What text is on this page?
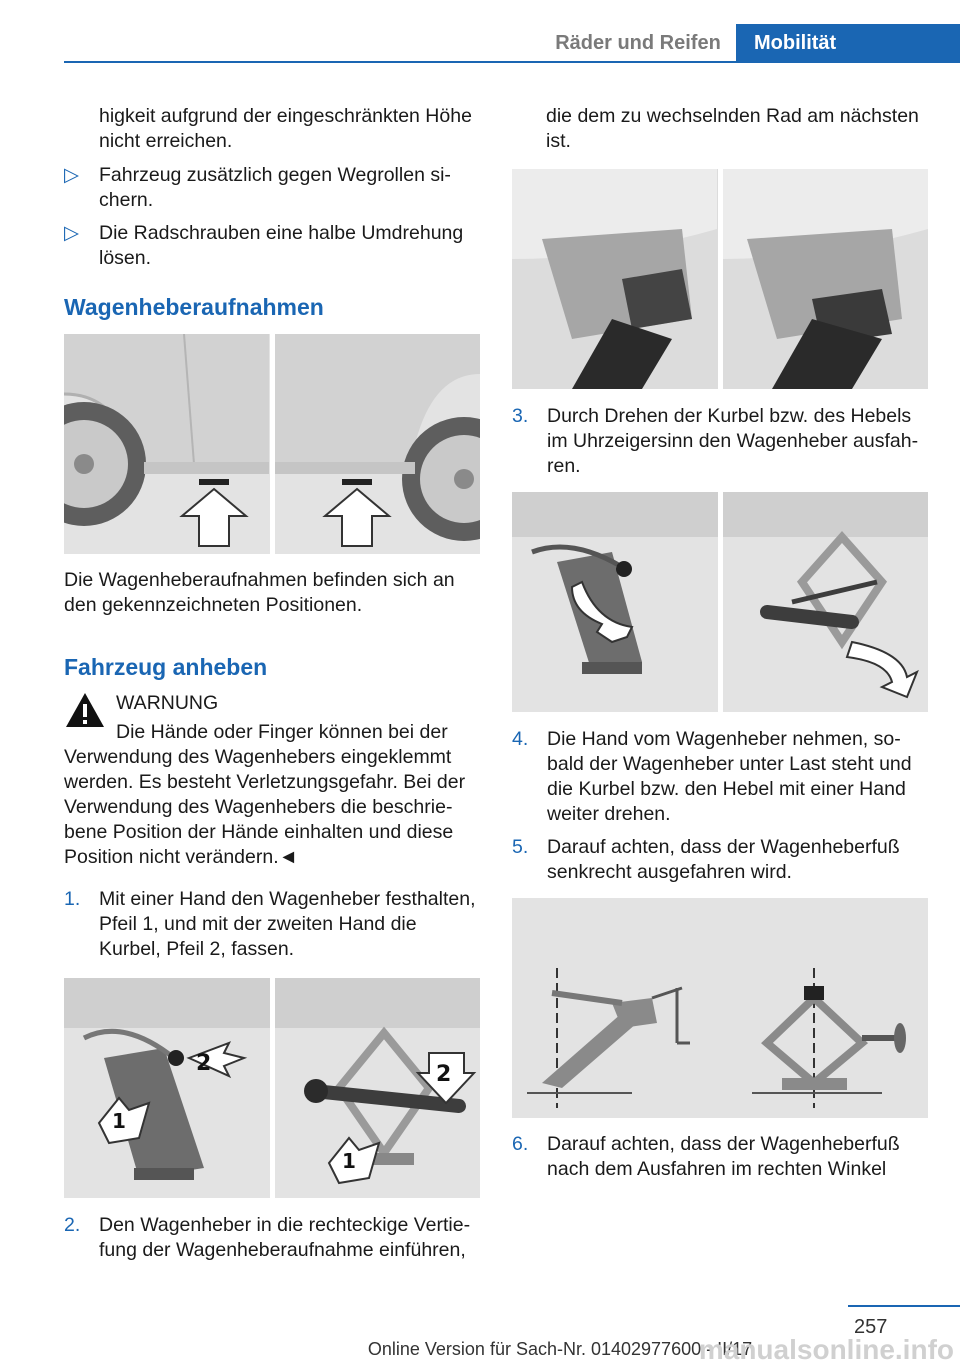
Räder und Reifen	Mobilität
higkeit aufgrund der eingeschränkten Höhe nicht erreichen.
▷ Fahrzeug zusätzlich gegen Wegrollen sichern.
▷ Die Radschrauben eine halbe Umdrehung lösen.
Wagenheberaufnahmen

Die Wagenheberaufnahmen befinden sich an den gekennzeichneten Positionen.

Fahrzeug anheben

WARNUNG

Die Hände oder Finger können bei der

Verwendung des Wagenhebers eingeklemmt werden. Es besteht Verletzungsgefahr. Bei der Verwendung des Wagenhebers die beschriebene Position der Hände einhalten und diese Position nicht verändern.◄

1. Mit einer Hand den Wagenheber festhalten, Pfeil 1, und mit der zweiten Hand die Kurbel, Pfeil 2, fassen.
2
1
2
1
2. Den Wagenheber in die rechteckige Vertiefung der Wagenheberaufnahme einführen,

die dem zu wechselnden Rad am nächsten ist.

3. Durch Drehen der Kurbel bzw. des Hebels im Uhrzeigersinn den Wagenheber ausfahren.
4. Die Hand vom Wagenheber nehmen, sobald der Wagenheber unter Last steht und die Kurbel bzw. den Hebel mit einer Hand weiter drehen.
5. Darauf achten, dass der Wagenheberfuß senkrecht ausgefahren wird.
6. Darauf achten, dass der Wagenheberfuß nach dem Ausfahren im rechten Winkel
257
Online Version für Sach-Nr. 01402977600 - II/17
manualsonline.info
